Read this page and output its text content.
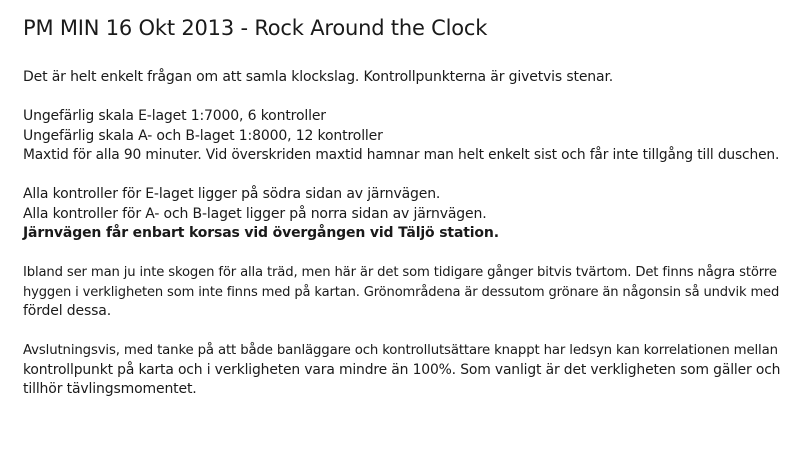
PM MIN 16 Okt 2013 - Rock Around the Clock

Det är helt enkelt frågan om att samla klockslag. Kontrollpunkterna är givetvis stenar.

Ungefärlig skala E-laget 1:7000, 6 kontroller
Ungefärlig skala A- och B-laget 1:8000, 12 kontroller
Maxtid för alla 90 minuter. Vid överskriden maxtid hamnar man helt enkelt sist och får inte tillgång till duschen.

Alla kontroller för E-laget ligger på södra sidan av järnvägen.
Alla kontroller för A- och B-laget ligger på norra sidan av järnvägen.
Järnvägen får enbart korsas vid övergången vid Täljö station.

Ibland ser man ju inte skogen för alla träd, men här är det som tidigare gånger bitvis tvärtom. Det finns några större
hyggen i verkligheten som inte finns med på kartan. Grönområdena är dessutom grönare än någonsin så undvik med
fördel dessa.

Avslutningsvis, med tanke på att både banläggare och kontrollutsättare knappt har ledsyn kan korrelationen mellan
kontrollpunkt på karta och i verkligheten vara mindre än 100%. Som vanligt är det verkligheten som gäller och
tillhör tävlingsmomentet.
